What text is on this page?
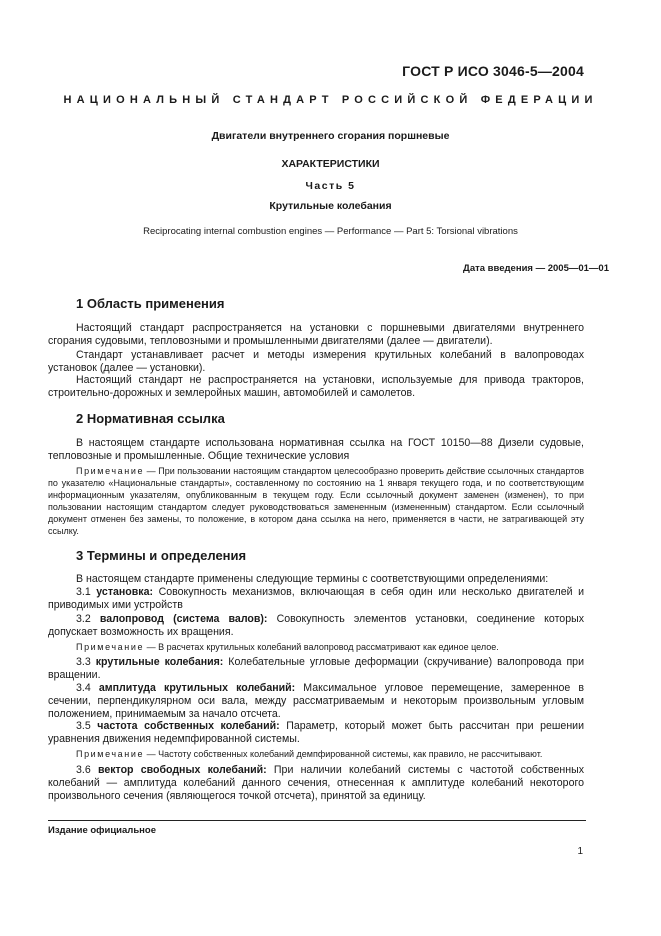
ГОСТ Р ИСО 3046-5—2004
НАЦИОНАЛЬНЫЙ СТАНДАРТ РОССИЙСКОЙ ФЕДЕРАЦИИ
Двигатели внутреннего сгорания поршневые
ХАРАКТЕРИСТИКИ
Часть 5
Крутильные колебания
Reciprocating internal combustion engines — Performance — Part 5: Torsional vibrations
Дата введения — 2005—01—01
1 Область применения
Настоящий стандарт распространяется на установки с поршневыми двигателями внутреннего сгорания судовыми, тепловозными и промышленными двигателями (далее — двигатели).
Стандарт устанавливает расчет и методы измерения крутильных колебаний в валопроводах установок (далее — установки).
Настоящий стандарт не распространяется на установки, используемые для привода тракторов, строительно-дорожных и землеройных машин, автомобилей и самолетов.
2 Нормативная ссылка
В настоящем стандарте использована нормативная ссылка на ГОСТ 10150—88 Дизели судовые, тепловозные и промышленные. Общие технические условия
Примечание — При пользовании настоящим стандартом целесообразно проверить действие ссылочных стандартов по указателю «Национальные стандарты», составленному по состоянию на 1 января текущего года, и по соответствующим информационным указателям, опубликованным в текущем году. Если ссылочный документ заменен (изменен), то при пользовании настоящим стандартом следует руководствоваться замененным (измененным) стандартом. Если ссылочный документ отменен без замены, то положение, в котором дана ссылка на него, применяется в части, не затрагивающей эту ссылку.
3 Термины и определения
В настоящем стандарте применены следующие термины с соответствующими определениями:
3.1 установка: Совокупность механизмов, включающая в себя один или несколько двигателей и приводимых ими устройств
3.2 валопровод (система валов): Совокупность элементов установки, соединение которых допускает возможность их вращения.
Примечание — В расчетах крутильных колебаний валопровод рассматривают как единое целое.
3.3 крутильные колебания: Колебательные угловые деформации (скручивание) валопровода при вращении.
3.4 амплитуда крутильных колебаний: Максимальное угловое перемещение, замеренное в сечении, перпендикулярном оси вала, между рассматриваемым и некоторым произвольным угловым положением, принимаемым за начало отсчета.
3.5 частота собственных колебаний: Параметр, который может быть рассчитан при решении уравнения движения недемпфированной системы.
Примечание — Частоту собственных колебаний демпфированной системы, как правило, не рассчитывают.
3.6 вектор свободных колебаний: При наличии колебаний системы с частотой собственных колебаний — амплитуда колебаний данного сечения, отнесенная к амплитуде колебаний некоторого произвольного сечения (являющегося точкой отсчета), принятой за единицу.
Издание официальное
1
